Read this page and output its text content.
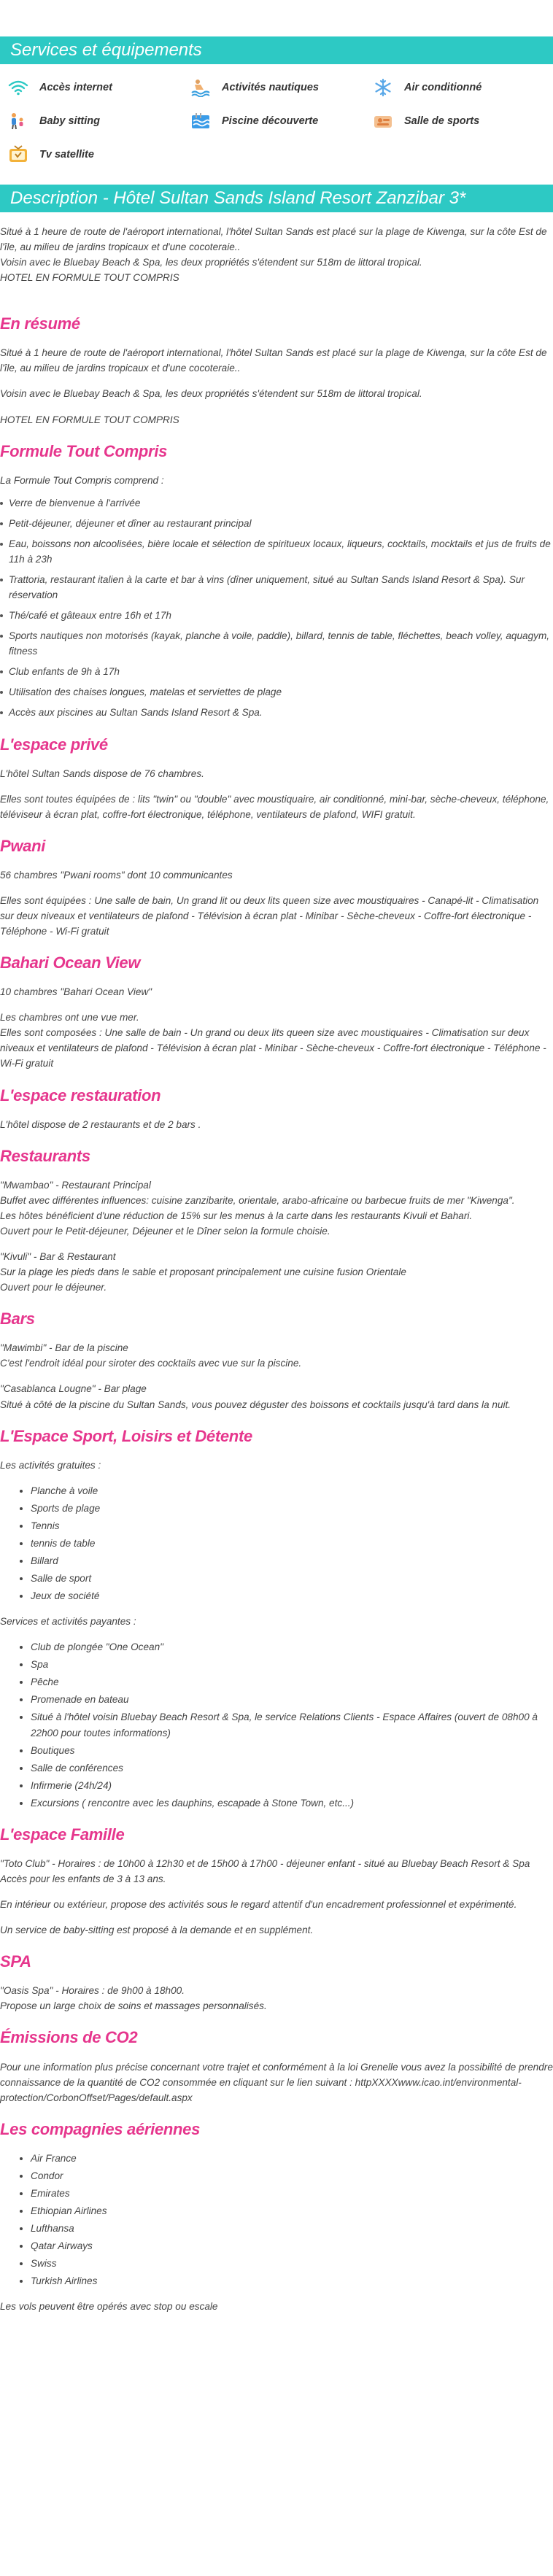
Services et équipements
Accès internet	Activités nautiques	Air conditionné
Baby sitting	Piscine découverte	Salle de sports
Tv satellite
Description - Hôtel Sultan Sands Island Resort Zanzibar 3*

Situé à 1 heure de route de l'aéroport international, l'hôtel Sultan Sands est placé sur la plage de Kiwenga, sur la côte Est de l'île, au milieu de jardins tropicaux et d'une cocoteraie..

Voisin avec le Bluebay Beach & Spa, les deux propriétés s'étendent sur 518m de littoral tropical.

HOTEL EN FORMULE TOUT COMPRIS

En résumé

Situé à 1 heure de route de l'aéroport international, l'hôtel Sultan Sands est placé sur la plage de Kiwenga, sur la côte Est de l'île, au milieu de jardins tropicaux et d'une cocoteraie..

Voisin avec le Bluebay Beach & Spa, les deux propriétés s'étendent sur 518m de littoral tropical.

HOTEL EN FORMULE TOUT COMPRIS

Formule Tout Compris

La Formule Tout Compris comprend :

Verre de bienvenue à l'arrivée
Petit-déjeuner, déjeuner et dîner au restaurant principal
Eau, boissons non alcoolisées, bière locale et sélection de spiritueux locaux, liqueurs, cocktails, mocktails et jus de fruits de 11h à 23h
Trattoria, restaurant italien à la carte et bar à vins (dîner uniquement, situé au Sultan Sands Island Resort & Spa). Sur réservation
Thé/café et gâteaux entre 16h et 17h
Sports nautiques non motorisés (kayak, planche à voile, paddle), billard, tennis de table, fléchettes, beach volley, aquagym, fitness
Club enfants de 9h à 17h
Utilisation des chaises longues, matelas et serviettes de plage
Accès aux piscines au Sultan Sands Island Resort & Spa.
L'espace privé

L'hôtel Sultan Sands dispose de 76 chambres.

Elles sont toutes équipées de : lits "twin" ou "double" avec moustiquaire, air conditionné, mini-bar, sèche-cheveux, téléphone, téléviseur à écran plat, coffre-fort électronique, téléphone, ventilateurs de plafond, WIFI gratuit.

Pwani

56 chambres "Pwani rooms" dont 10 communicantes

Elles sont équipées : Une salle de bain, Un grand lit ou deux lits queen size avec moustiquaires - Canapé-lit - Climatisation sur deux niveaux et ventilateurs de plafond - Télévision à écran plat - Minibar - Sèche-cheveux - Coffre-fort électronique - Téléphone - Wi-Fi gratuit

Bahari Ocean View

10 chambres "Bahari Ocean View"

Les chambres ont une vue mer.

Elles sont composées : Une salle de bain - Un grand ou deux lits queen size avec moustiquaires - Climatisation sur deux niveaux et ventilateurs de plafond - Télévision à écran plat - Minibar - Sèche-cheveux - Coffre-fort électronique - Téléphone - Wi-Fi gratuit

L'espace restauration

L'hôtel dispose de 2 restaurants et de 2 bars .

Restaurants

"Mwambao" - Restaurant Principal

Buffet avec différentes influences: cuisine zanzibarite, orientale, arabo-africaine ou barbecue fruits de mer "Kiwenga".

Les hôtes bénéficient d'une réduction de 15% sur les menus à la carte dans les restaurants Kivuli et Bahari.

Ouvert pour le Petit-déjeuner, Déjeuner et le Dîner selon la formule choisie.

"Kivuli" - Bar & Restaurant

Sur la plage les pieds dans le sable et proposant principalement une cuisine fusion Orientale

Ouvert pour le déjeuner.

Bars

"Mawimbi" - Bar de la piscine

C'est l'endroit idéal pour siroter des cocktails avec vue sur la piscine.

"Casablanca Lougne" - Bar plage

Situé à côté de la piscine du Sultan Sands, vous pouvez déguster des boissons et cocktails jusqu'à tard dans la nuit.

L'Espace Sport, Loisirs et Détente

Les activités gratuites :

• Planche à voile
• Sports de plage
• Tennis
• tennis de table
• Billard
• Salle de sport
• Jeux de société

Services et activités payantes :

• Club de plongée "One Ocean"
• Spa
• Pêche
• Promenade en bateau
• Situé à l'hôtel voisin Bluebay Beach Resort & Spa, le service Relations Clients - Espace Affaires (ouvert de 08h00 à 22h00 pour toutes informations)
• Boutiques
• Salle de conférences
• Infirmerie (24h/24)
• Excursions ( rencontre avec les dauphins, escapade à Stone Town, etc...)
L'espace Famille

"Toto Club" - Horaires : de 10h00 à 12h30 et de 15h00 à 17h00 - déjeuner enfant - situé au Bluebay Beach Resort & Spa

Accès pour les enfants de 3 à 13 ans.

En intérieur ou extérieur, propose des activités sous le regard attentif d'un encadrement professionnel et expérimenté.

Un service de baby-sitting est proposé à la demande et en supplément.

SPA

"Oasis Spa" - Horaires : de 9h00 à 18h00.

Propose un large choix de soins et massages personnalisés.

Émissions de CO2

Pour une information plus précise concernant votre trajet et conformément à la loi Grenelle vous avez la possibilité de prendre connaissance de la quantité de CO2 consommée en cliquant sur le lien suivant : httpXXXXwww.icao.int/environmental-protection/CorbonOffset/Pages/default.aspx

Les compagnies aériennes
• Air France
• Condor
• Emirates
• Ethiopian Airlines
• Lufthansa
• Qatar Airways
• Swiss
• Turkish Airlines

Les vols peuvent être opérés avec stop ou escale
